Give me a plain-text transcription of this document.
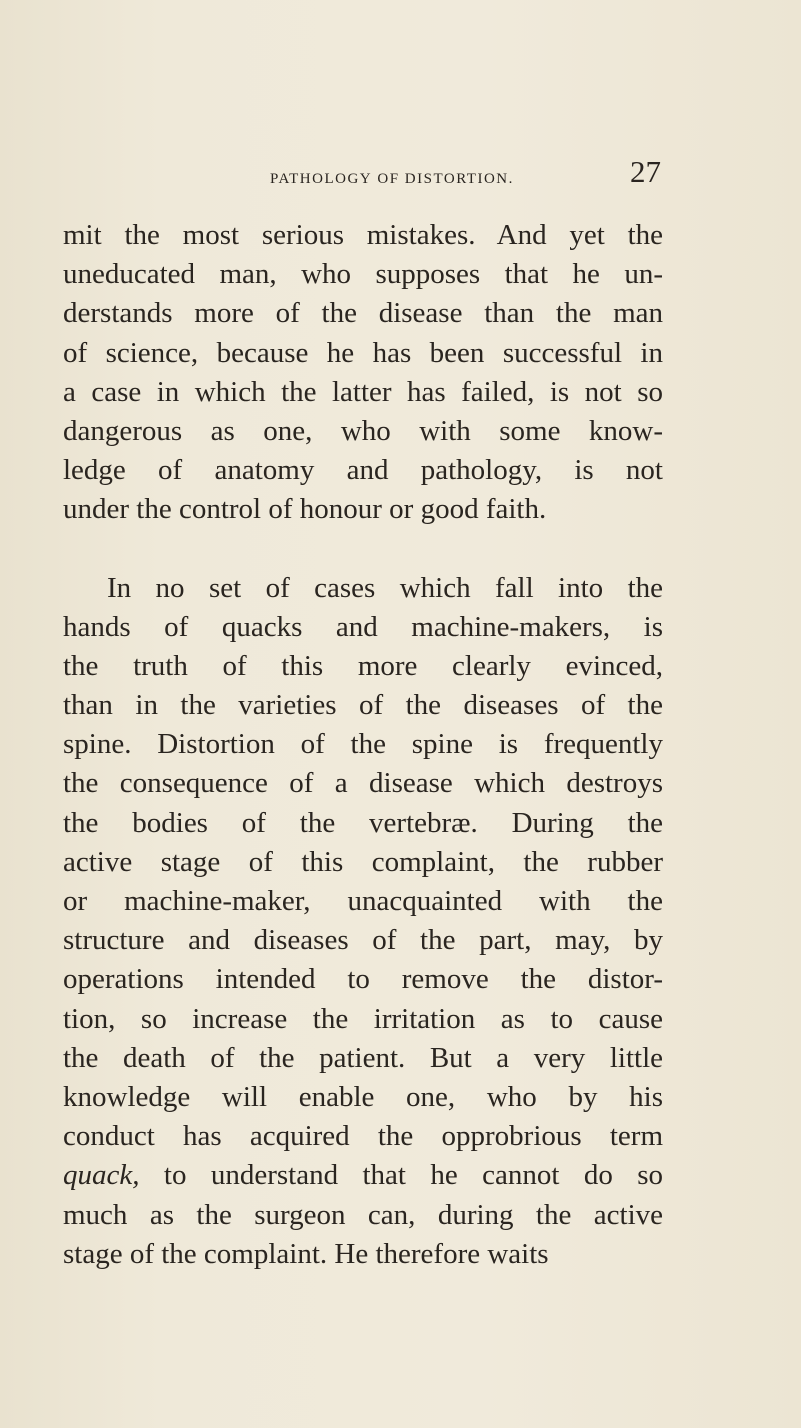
pathology of distortion.	27
mit the most serious mistakes. And yet the
uneducated man, who supposes that he un-
derstands more of the disease than the man
of science, because he has been successful in
a case in which the latter has failed, is not so
dangerous as one, who with some know-
ledge of anatomy and pathology, is not
under the control of honour or good faith.
In no set of cases which fall into the
hands of quacks and machine-makers, is
the truth of this more clearly evinced,
than in the varieties of the diseases of the
spine. Distortion of the spine is frequently
the consequence of a disease which destroys
the bodies of the vertebræ. During the
active stage of this complaint, the rubber
or machine-maker, unacquainted with the
structure and diseases of the part, may, by
operations intended to remove the distor-
tion, so increase the irritation as to cause
the death of the patient. But a very little
knowledge will enable one, who by his
conduct has acquired the opprobrious term
quack, to understand that he cannot do so
much as the surgeon can, during the active
stage of the complaint. He therefore waits
